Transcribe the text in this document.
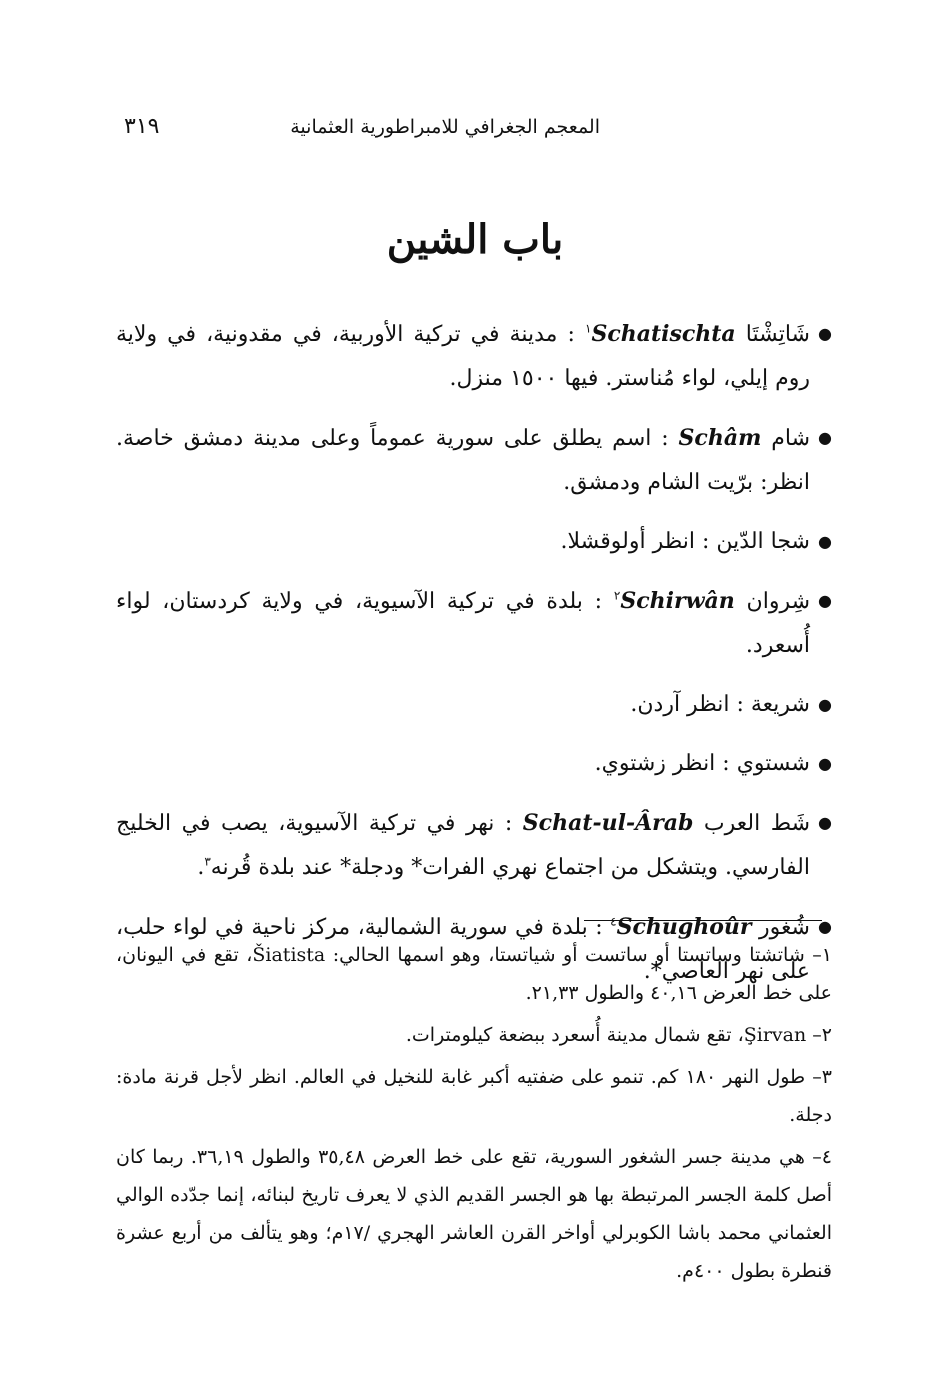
المعجم الجغرافي للامبراطورية العثمانية
٣١٩
باب الشين

●
شَاتِشْتَا Schatischta$^١$ : مدينة في تركية الأوربية، في مقدونية، في ولاية روم إيلي، لواء مُناستر. فيها ١٥٠٠ منزل.

●
شام Schâm : اسم يطلق على سورية عموماً وعلى مدينة دمشق خاصة. انظر: برّيت الشام ودمشق.

●
شجا الدّين : انظر أولوقشلا.

●
شِروان Schirwân$^٢$ : بلدة في تركية الآسيوية، في ولاية كردستان، لواء أُسعرد.

●
شريعة : انظر آردن.

●
شستوي : انظر زشتوي.

●
شَط العرب Schat-ul-Ârab : نهر في تركية الآسيوية، يصب في الخليج الفارسي. ويتشكل من اجتماع نهري الفرات* ودجلة* عند بلدة قُرنه$^٣$.

●
شُغور Schughoûr$^٤$ : بلدة في سورية الشمالية، مركز ناحية في لواء حلب، على نهر العاصي*.

١– شاتشتا وساتستا أو ساتست أو شياتستا، وهو اسمها الحالي: Šiatista، تقع في اليونان، على خط العرض ٤٠,١٦ والطول ٢١,٣٣.

٢– Şirvan، تقع شمال مدينة أُسعرد ببضعة كيلومترات.

٣– طول النهر ١٨٠ كم. تنمو على ضفتيه أكبر غابة للنخيل في العالم. انظر لأجل قرنة مادة: دجلة.

٤– هي مدينة جسر الشغور السورية، تقع على خط العرض ٣٥,٤٨ والطول ٣٦,١٩. ربما كان أصل كلمة الجسر المرتبطة بها هو الجسر القديم الذي لا يعرف تاريخ لبنائه، إنما جدّده الوالي العثماني محمد باشا الكوبرلي أواخر القرن العاشر الهجري /١٧م؛ وهو يتألف من أربع عشرة قنطرة بطول ٤٠٠م.
